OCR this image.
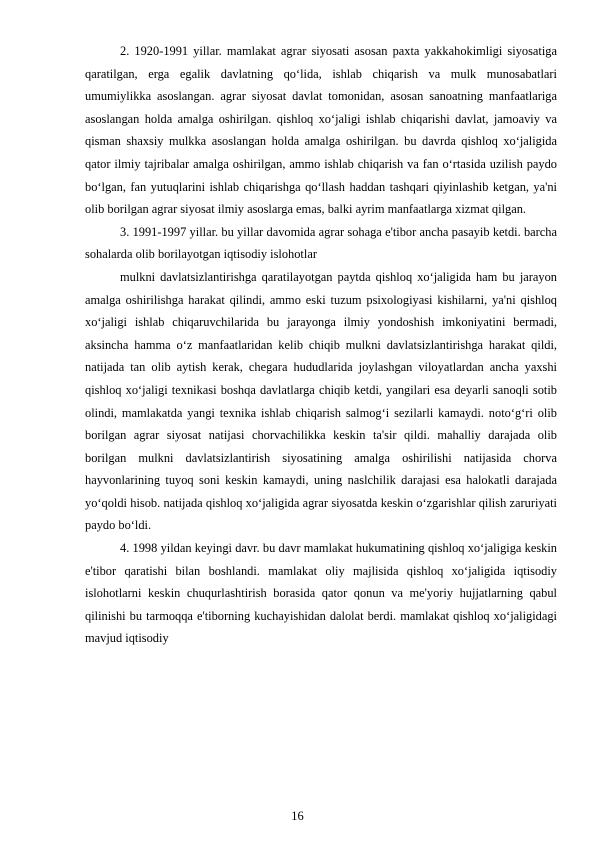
2. 1920-1991 yillar. mamlakat agrar siyosati asosan paxta yakkahokimligi siyosatiga qaratilgan, erga egalik davlatning qo‘lida, ishlab chiqarish va mulk munosabatlari umumiylikka asoslangan. agrar siyosat davlat tomonidan, asosan sanoatning manfaatlariga asoslangan holda amalga oshirilgan. qishloq xo‘jaligi ishlab chiqarishi davlat, jamoaviy va qisman shaxsiy mulkka asoslangan holda amalga oshirilgan. bu davrda qishloq xo‘jaligida qator ilmiy tajribalar amalga oshirilgan, ammo ishlab chiqarish va fan o‘rtasida uzilish paydo bo‘lgan, fan yutuqlarini ishlab chiqarishga qo‘llash haddan tashqari qiyinlashib ketgan, ya'ni olib borilgan agrar siyosat ilmiy asoslarga emas, balki ayrim manfaatlarga xizmat qilgan.

3. 1991-1997 yillar. bu yillar davomida agrar sohaga e'tibor ancha pasayib ketdi. barcha sohalarda olib borilayotgan iqtisodiy islohotlar

mulkni davlatsizlantirishga qaratilayotgan paytda qishloq xo‘jaligida ham bu jarayon amalga oshirilishga harakat qilindi, ammo eski tuzum psixologiyasi kishilarni, ya'ni qishloq xo‘jaligi ishlab chiqaruvchilarida bu jarayonga ilmiy yondoshish imkoniyatini bermadi, aksincha hamma o‘z manfaatlaridan kelib chiqib mulkni davlatsizlantirishga harakat qildi, natijada tan olib aytish kerak, chegara hududlarida joylashgan viloyatlardan ancha yaxshi qishloq xo‘jaligi texnikasi boshqa davlatlarga chiqib ketdi, yangilari esa deyarli sanoqli sotib olindi, mamlakatda yangi texnika ishlab chiqarish salmog‘i sezilarli kamaydi. noto‘g‘ri olib borilgan agrar siyosat natijasi chorvachilikka keskin ta'sir qildi. mahalliy darajada olib borilgan mulkni davlatsizlantirish siyosatining amalga oshirilishi natijasida chorva hayvonlarining tuyoq soni keskin kamaydi, uning naslchilik darajasi esa halokatli darajada yo‘qoldi hisob. natijada qishloq xo‘jaligida agrar siyosatda keskin o‘zgarishlar qilish zaruriyati paydo bo‘ldi.

4. 1998 yildan keyingi davr. bu davr mamlakat hukumatining qishloq xo‘jaligiga keskin e'tibor qaratishi bilan boshlandi. mamlakat oliy majlisida qishloq xo‘jaligida iqtisodiy islohotlarni keskin chuqurlashtirish borasida qator qonun va me'yoriy hujjatlarning qabul qilinishi bu tarmoqqa e'tiborning kuchayishidan dalolat berdi. mamlakat qishloq xo‘jaligidagi mavjud iqtisodiy

16
